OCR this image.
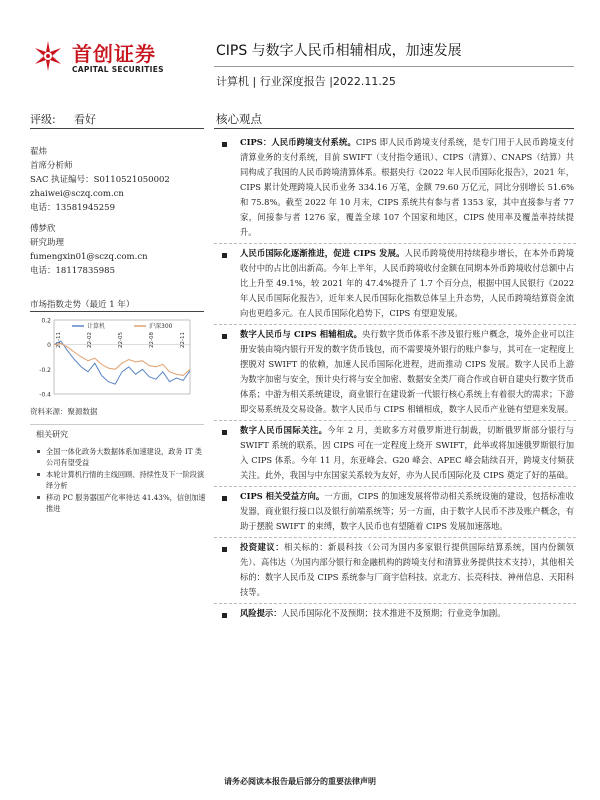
首创证券
CAPITAL SECURITIES
CIPS 与数字人民币相辅相成，加速发展
计算机 | 行业深度报告 |2022.11.25
评级: 看好	核心观点
翟炜
首席分析师
SAC 执证编号：S0110521050002
zhaiwei@sczq.com.cn
电话：13581945259
傅梦欣
研究助理
fumengxin01@sczq.com.cn
电话：18117835985
市场指数走势（最近 1 年）
0.2
0
-0.2
-0.4
21-11	22-02	22-05	22-08	22-11
计算机	沪深300
资料来源：聚源数据
相关研究
全国一体化政务大数据体系加速建设，政务 IT 类公司有望受益
本轮计算机行情的主线回顾、持续性及下一阶段演绎分析
移动 PC 服务器国产化率待达 41.43%，信创加速推进
CIPS：人民币跨境支付系统。CIPS 即人民币跨境支付系统，是专门用于人民币跨境支付清算业务的支付系统，目前 SWIFT（支付指令通讯）、CIPS（清算）、CNAPS（结算）共同构成了我国的人民币跨境清算体系。根据央行《2022 年人民币国际化报告》，2021 年，CIPS 累计处理跨境人民币业务 334.16 万笔，金额 79.60 万亿元，同比分别增长 51.6%和 75.8%。截至 2022 年 10 月末，CIPS 系统共有参与者 1353 家，其中直接参与者 77 家，间接参与者 1276 家，覆盖全球 107 个国家和地区，CIPS 使用率及覆盖率持续提升。
人民币国际化逐渐推进，促进 CIPS 发展。人民币跨境使用持续稳步增长，在本外币跨境收付中的占比创出新高。今年上半年，人民币跨境收付金额在同期本外币跨境收付总额中占比上升至 49.1%，较 2021 年的 47.4%提升了 1.7 个百分点，根据中国人民银行《2022 年人民币国际化报告》，近年来人民币国际化指数总体呈上升态势，人民币跨境结算资金流向也更趋多元。在人民币国际化趋势下，CIPS 有望迎发展。
数字人民币与 CIPS 相辅相成。央行数字货币体系不涉及银行账户概念，境外企业可以注册安装由境内银行开发的数字货币钱包，而不需要境外银行的账户参与，其可在一定程度上摆脱对 SWIFT 的依赖，加速人民币国际化进程，进而推动 CIPS 发展。数字人民币上游为数字加密与安全，预计央行将与安全加密、数据安全类厂商合作或自研自建央行数字货币体系；中游为相关系统建设，商业银行在建设新一代银行核心系统上有着很大的需求；下游即交易系统及交易设备。数字人民币与 CIPS 相辅相成，数字人民币产业链有望迎来发展。
数字人民币国际关注。今年 2 月，美欧多方对俄罗斯进行制裁，切断俄罗斯部分银行与 SWIFT 系统的联系，因 CIPS 可在一定程度上绕开 SWIFT，此举或将加速俄罗斯银行加入 CIPS 体系。今年 11 月，东亚峰会、G20 峰会、APEC 峰会陆续召开，跨境支付频获关注。此外，我国与中东国家关系较为友好，亦为人民币国际化及 CIPS 奠定了好的基础。
CIPS 相关受益方向。一方面，CIPS 的加速发展将带动相关系统设施的建设，包括标准收发器，商业银行接口以及银行前端系统等；另一方面，由于数字人民币不涉及账户概念，有助于摆脱 SWIFT 的束缚，数字人民币也有望随着 CIPS 发展加速落地。
投资建议：相关标的：新晨科技（公司为国内多家银行提供国际结算系统，国内份额领先）、高伟达（为国内部分银行和金融机构的跨境支付和清算业务提供技术支持），其他相关标的：数字人民币及 CIPS 系统参与厂商宇信科技、京北方、长亮科技、神州信息、天阳科技等。
风险提示：人民币国际化不及预期；技术推进不及预期；行业竞争加剧。
请务必阅读本报告最后部分的重要法律声明
